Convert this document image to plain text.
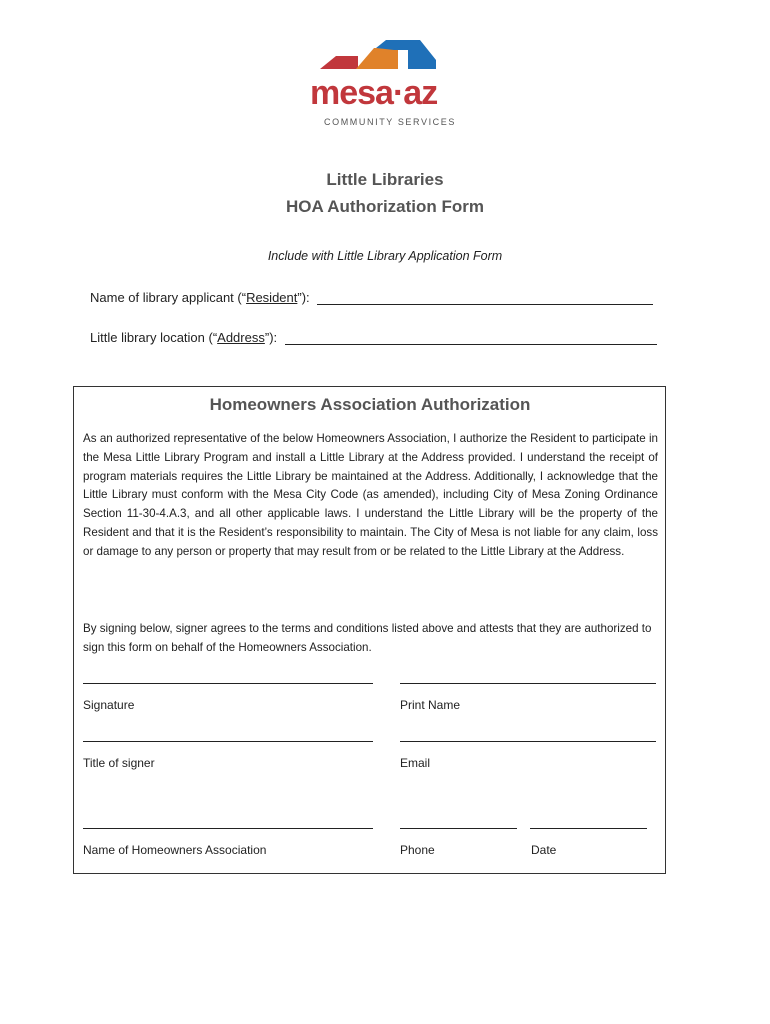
mesa·az
COMMUNITY SERVICES
Little Libraries
HOA Authorization Form
Include with Little Library Application Form
Name of library applicant (“Resident”):
Little library location (“Address”):
Homeowners Association Authorization
As an authorized representative of the below Homeowners Association, I authorize the Resident to participate in the Mesa Little Library Program and install a Little Library at the Address provided. I understand the receipt of program materials requires the Little Library be maintained at the Address. Additionally, I acknowledge that the Little Library must conform with the Mesa City Code (as amended), including City of Mesa Zoning Ordinance Section 11-30-4.A.3, and all other applicable laws. I understand the Little Library will be the property of the Resident and that it is the Resident’s responsibility to maintain. The City of Mesa is not liable for any claim, loss or damage to any person or property that may result from or be related to the Little Library at the Address.
By signing below, signer agrees to the terms and conditions listed above and attests that they are authorized to sign this form on behalf of the Homeowners Association.
Signature	Print Name
Title of signer	Email
Name of Homeowners Association	Phone	Date
